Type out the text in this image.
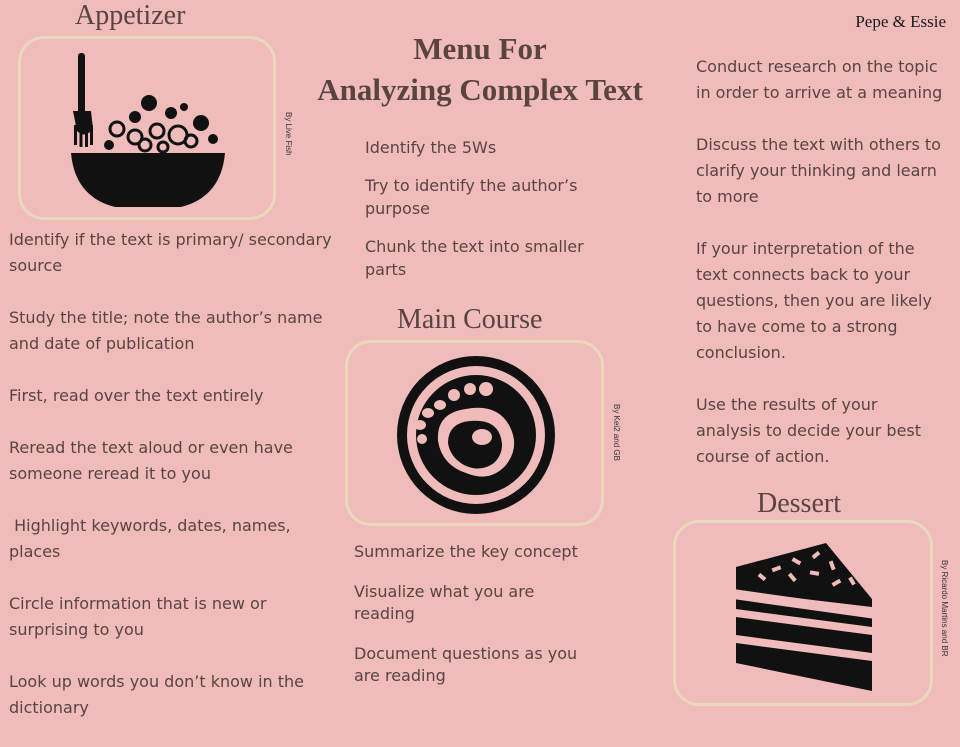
Menu For
Analyzing Complex Text
Pepe & Essie
Appetizer
By Live Fish
Identify if the text is primary/ secondary source
Study the title; note the author’s name and date of publication
First, read over the text entirely
Reread the text aloud or even have someone reread it to you
Highlight keywords, dates, names, places
Circle information that is new or surprising to you
Look up words you don’t know in the dictionary
Identify the 5Ws
Try to identify the author’s purpose
Chunk the text into smaller parts
Main Course
By Kei2 and GB
Summarize the key concept
Visualize what you are reading
Document questions as you are reading
Conduct research on the topic in order to arrive at a meaning
Discuss the text with others to clarify your thinking and learn to more
If your interpretation of the text connects back to your questions, then you are likely to have come to a strong conclusion.
Use the results of your analysis to decide your best course of action.
Dessert
By Ricardo Martins and BR
